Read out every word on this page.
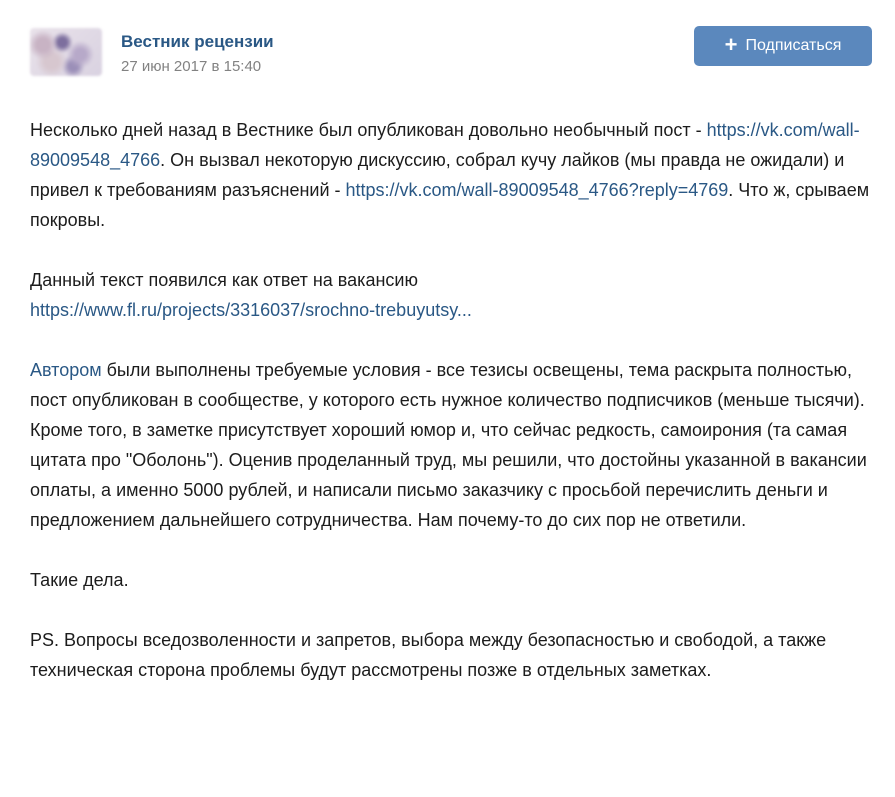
Вестник рецензии
27 июн 2017 в 15:40
+ Подписаться

Несколько дней назад в Вестнике был опубликован довольно необычный пост - https://vk.com/wall-89009548_4766. Он вызвал некоторую дискуссию, собрал кучу лайков (мы правда не ожидали) и привел к требованиям разъяснений - https://vk.com/wall-89009548_4766?reply=4769. Что ж, срываем покровы.

Данный текст появился как ответ на вакансию
https://www.fl.ru/projects/3316037/srochno-trebuyutsy...

Автором были выполнены требуемые условия - все тезисы освещены, тема раскрыта полностью, пост опубликован в сообществе, у которого есть нужное количество подписчиков (меньше тысячи). Кроме того, в заметке присутствует хороший юмор и, что сейчас редкость, самоирония (та самая цитата про "Оболонь"). Оценив проделанный труд, мы решили, что достойны указанной в вакансии оплаты, а именно 5000 рублей, и написали письмо заказчику с просьбой перечислить деньги и предложением дальнейшего сотрудничества. Нам почему-то до сих пор не ответили.

Такие дела.

PS. Вопросы вседозволенности и запретов, выбора между безопасностью и свободой, а также техническая сторона проблемы будут рассмотрены позже в отдельных заметках.
